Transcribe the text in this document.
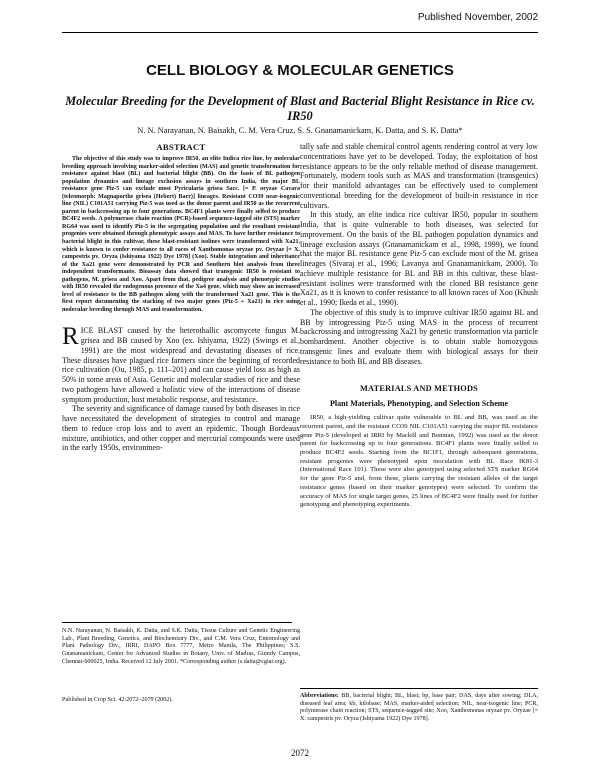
Published November, 2002
CELL BIOLOGY & MOLECULAR GENETICS
Molecular Breeding for the Development of Blast and Bacterial Blight Resistance in Rice cv. IR50
N. N. Narayanan, N. Baisakh, C. M. Vera Cruz, S. S. Gnanamanickam, K. Datta, and S. K. Datta*
ABSTRACT

The objective of this study was to improve IR50, an elite Indica rice line, by molecular breeding approach involving marker-aided selection (MAS) and genetic transformation for resistance against blast (BL) and bacterial blight (BB). On the basis of BL pathogen population dynamics and lineage exclusion assays in southern India, the major BL resistance gene Piz-5 can exclude most Pyricularia grisea Sacc. [= P. oryzae Cavara (teleomorph: Magnaporthe grisea (Hebert) Barr)] lineages. Resistant CO39 near-isogenic line (NIL) C101A51 carrying Piz-5 was used as the donor parent and IR50 as the recurrent parent in backcrossing up to four generations. BC4F1 plants were finally selfed to produce BC4F2 seeds. A polymerase chain reaction (PCR)-based sequence-tagged site (STS) marker RG64 was used to identify Piz-5 in the segregating population and the resultant resistant progenies were obtained through phenotypic assays and MAS. To have further resistance to bacterial blight in this cultivar, these blast-resistant isolines were transformed with Xa21, which is known to confer resistance to all races of Xanthomonas oryzae pv. Oryzae [= X. campestris pv. Oryza (Ishiyama 1922) Dye 1978] (Xoo). Stable integration and inheritance of the Xa21 gene were demonstrated by PCR and Southern blot analysis from three independent transformants. Bioassay data showed that transgenic IR50 is resistant to pathogens, M. grisea and Xoo. Apart from that, pedigree analysis and phenotypic studies with IR50 revealed the endogenous presence of the Xa4 gene, which may show an increased level of resistance to the BB pathogen along with the transformed Xa21 gene. This is the first report documenting the stacking of two major genes (Piz-5 + Xa21) in rice using molecular breeding through MAS and transformation.

RICE BLAST caused by the heterothallic ascomycete fungus M. grisea and BB caused by Xoo (ex. Ishiyama, 1922) (Swings et al., 1991) are the most widespread and devastating diseases of rice. These diseases have plagued rice farmers since the beginning of recorded rice cultivation (Ou, 1985, p. 111–201) and can cause yield loss as high as 50% in some areas of Asia. Genetic and molecular studies of rice and these two pathogens have allowed a holistic view of the interactions of disease symptom production, host metabolic response, and resistance.

The severity and significance of damage caused by both diseases in rice have necessitated the development of strategies to control and manage them to reduce crop loss and to avert an epidemic. Though Bordeaux mixture, antibiotics, and other copper and mercurial compounds were used in the early 1950s, environmen-

tally safe and stable chemical control agents rendering control at very low concentrations have yet to be developed. Today, the exploitation of host resistance appears to be the only reliable method of disease management. Fortunately, modern tools such as MAS and transformation (transgenics) for their manifold advantages can be effectively used to complement conventional breeding for the development of built-in resistance in rice cultivars.

In this study, an elite indica rice cultivar IR50, popular in southern India, that is quite vulnerable to both diseases, was selected for improvement. On the basis of the BL pathogen population dynamics and lineage exclusion assays (Gnanamanickam et al., 1998, 1999), we found that the major BL resistance gene Piz-5 can exclude most of the M. grisea lineages (Sivaraj et al., 1996; Lavanya and Gnanamanickam, 2000). To achieve multiple resistance for BL and BB in this cultivar, these blast-resistant isolines were transformed with the cloned BB resistance gene Xa21, as it is known to confer resistance to all known races of Xoo (Khush et al., 1990; Ikeda et al., 1990).

The objective of this study is to improve cultivar IR50 against BL and BB by introgressing Piz-5 using MAS in the process of recurrent backcrossing and introgressing Xa21 by genetic transformation via particle bombardment. Another objective is to obtain stable homozygous transgenic lines and evaluate them with biological assays for their resistance to both BL and BB diseases.

MATERIALS AND METHODS
Plant Materials, Phenotyping, and Selection Scheme

IR50, a high-yielding cultivar quite vulnerable to BL and BB, was used as the recurrent parent, and the resistant CO39 NIL C101A51 carrying the major BL resistance gene Piz-5 (developed at IRRI by Mackill and Bonman, 1992) was used as the donor parent for backcrossing up to four generations. BC4F1 plants were finally selfed to produce BC4F2 seeds. Starting from the BC1F1, through subsequent generations, resistant progenies were phenotyped upon inoculation with BL Race IK81-3 (International Race 101). These were also genotyped using selected STS marker RG64 for the gene Piz-5 and, from these, plants carrying the resistant alleles of the target resistance genes (based on their marker genotypes) were selected. To confirm the accuracy of MAS for single target genes, 25 lines of BC4F2 were finally used for further genotyping and phenotyping experiments.

N.N. Narayanan, N. Baisakh, K. Datta, and S.K. Datta, Tissue Culture and Genetic Engineering Lab., Plant Breeding, Genetics, and Biochemistry Div., and C.M. Vera Cruz, Entomology and Plant Pathology Div., IRRI, DAPO Box 7777, Metro Manila, The Philippines; S.S. Gnanamanickam, Center for Advanced Studies in Botany, Univ. of Madras, Guindy Campus, Chennai-600025, India. Received 12 July 2001. *Corresponding author (s.datta@cgiar.org).

Published in Crop Sci. 42:2072–2079 (2002).

Abbreviations: BB, bacterial blight; BL, blast; bp, base pair; DAS, days after sowing; DLA, diseased leaf area; kb, kilobase; MAS, marker-aided selection; NIL, near-isogenic line; PCR, polymerase chain reaction; STS, sequence-tagged site; Xoo, Xanthomonas oryzae pv. Oryzae [= X. campestris pv. Oryza (Ishiyama 1922) Dye 1978].

2072
